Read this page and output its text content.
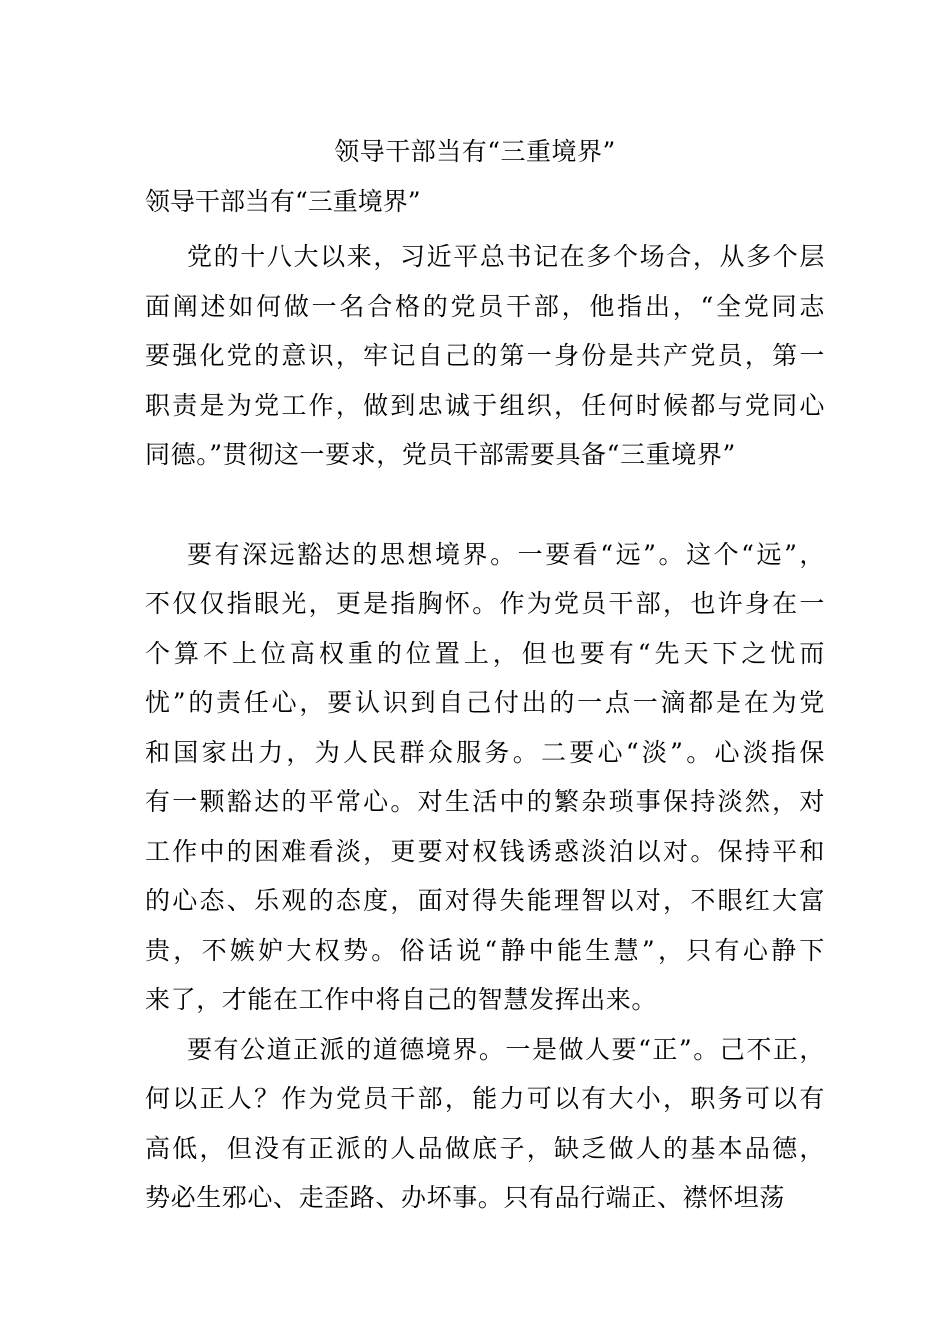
领导干部当有“三重境界”
领导干部当有“三重境界”
党的十八大以来，习近平总书记在多个场合，从多个层
面阐述如何做一名合格的党员干部，他指出，“全党同志
要强化党的意识，牢记自己的第一身份是共产党员，第一
职责是为党工作，做到忠诚于组织，任何时候都与党同心
同德。”贯彻这一要求，党员干部需要具备“三重境界”
要有深远豁达的思想境界。一要看“远”。这个“远”，
不仅仅指眼光，更是指胸怀。作为党员干部，也许身在一
个算不上位高权重的位置上，但也要有“先天下之忧而
忧”的责任心，要认识到自己付出的一点一滴都是在为党
和国家出力，为人民群众服务。二要心“淡”。心淡指保
有一颗豁达的平常心。对生活中的繁杂琐事保持淡然，对
工作中的困难看淡，更要对权钱诱惑淡泊以对。保持平和
的心态、乐观的态度，面对得失能理智以对，不眼红大富
贵，不嫉妒大权势。俗话说“静中能生慧”，只有心静下
来了，才能在工作中将自己的智慧发挥出来。
要有公道正派的道德境界。一是做人要“正”。己不正，
何以正人？作为党员干部，能力可以有大小，职务可以有
高低，但没有正派的人品做底子，缺乏做人的基本品德，
势必生邪心、走歪路、办坏事。只有品行端正、襟怀坦荡
